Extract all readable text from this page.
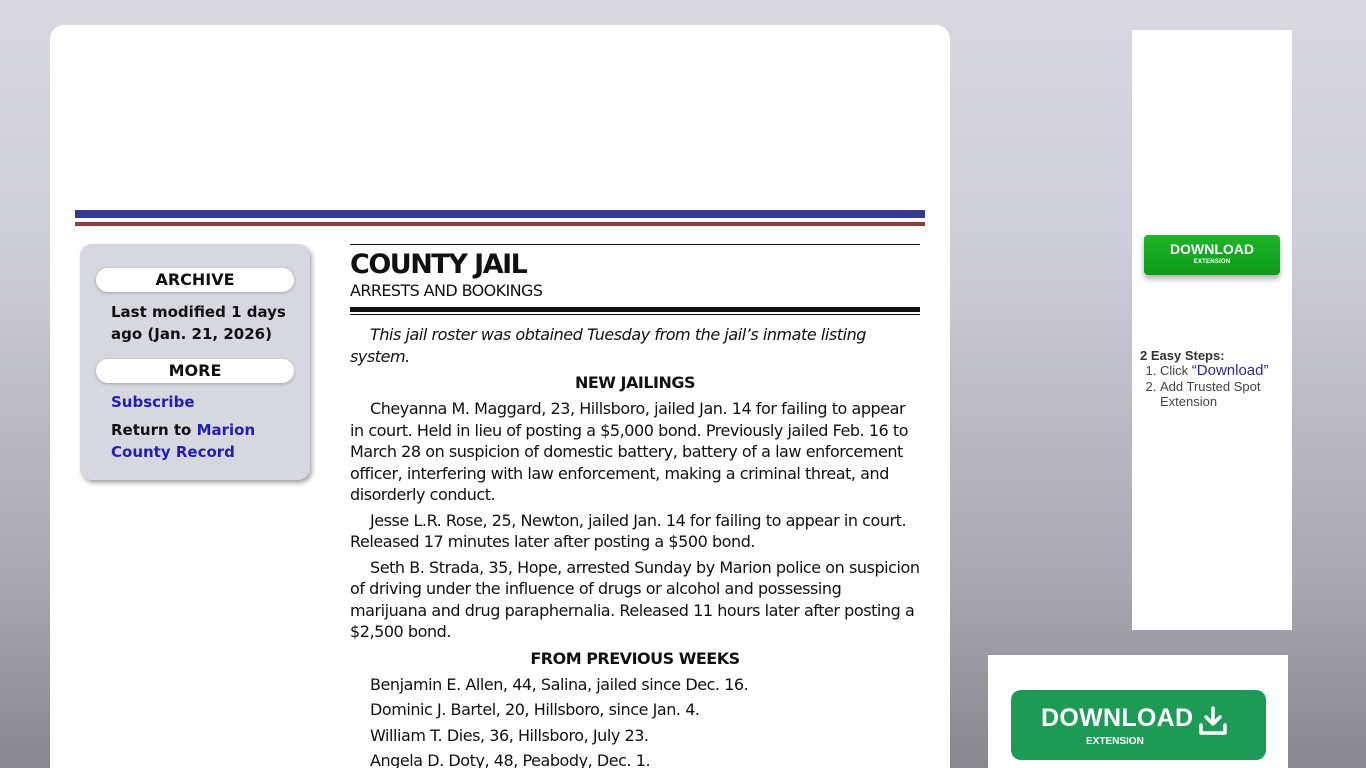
ARCHIVE
Last modified 1 days ago (Jan. 21, 2026)
MORE
Subscribe
Return to Marion County Record
COUNTY JAIL
ARRESTS AND BOOKINGS

This jail roster was obtained Tuesday from the jail’s inmate listing system.

NEW JAILINGS

Cheyanna M. Maggard, 23, Hillsboro, jailed Jan. 14 for failing to appear in court. Held in lieu of posting a $5,000 bond. Previously jailed Feb. 16 to March 28 on suspicion of domestic battery, battery of a law enforcement officer, interfering with law enforcement, making a criminal threat, and disorderly conduct.

Jesse L.R. Rose, 25, Newton, jailed Jan. 14 for failing to appear in court. Released 17 minutes later after posting a $500 bond.

Seth B. Strada, 35, Hope, arrested Sunday by Marion police on suspicion of driving under the influence of drugs or alcohol and possessing marijuana and drug paraphernalia. Released 11 hours later after posting a $2,500 bond.

FROM PREVIOUS WEEKS

Benjamin E. Allen, 44, Salina, jailed since Dec. 16.

Dominic J. Bartel, 20, Hillsboro, since Jan. 4.

William T. Dies, 36, Hillsboro, July 23.

Angela D. Doty, 48, Peabody, Dec. 1.

DOWNLOAD
EXTENSION
2 Easy Steps:
1. Click “Download”
2. Add Trusted Spot Extension
DOWNLOAD
EXTENSION
